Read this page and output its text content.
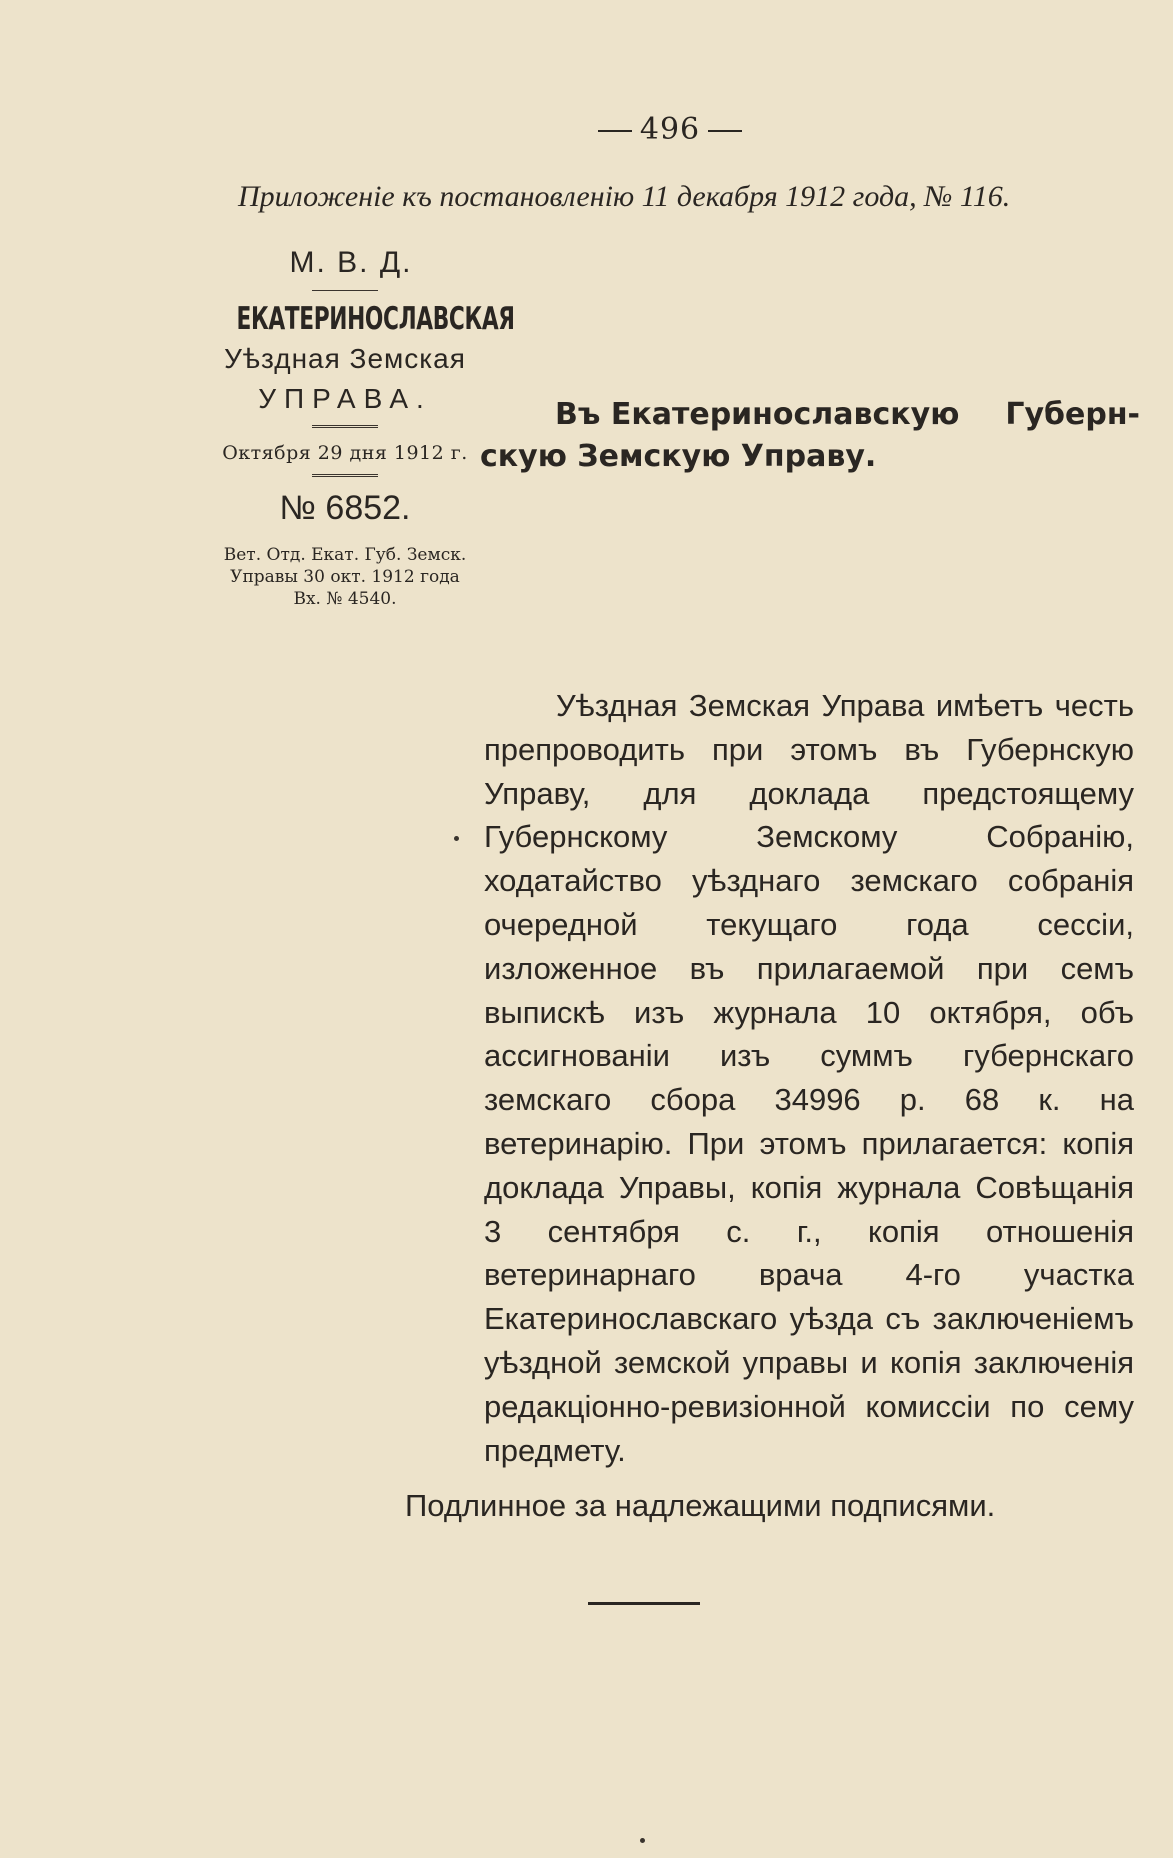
496
Приложеніе къ постановленію 11 декабря 1912 года, № 116.
М. В. Д.
ЕКАТЕРИНОСЛАВСКАЯ
Уѣздная Земская
УПРАВА.
Октября 29 дня 1912 г.
№ 6852.
Вет. Отд. Екат. Губ. Земск.
Управы 30 окт. 1912 года
Вх. № 4540.
Въ Екатеринославскую Губерн-
скую Земскую Управу.
Уѣздная Земская Управа имѣетъ честь препроводить при этомъ въ Губернскую Управу, для доклада предстоящему Губернскому Земскому Собранію, ходатайство уѣзднаго земскаго собранія очередной текущаго года сессіи, изложенное въ прилагаемой при семъ выпискѣ изъ журнала 10 октября, объ ассигнованіи изъ суммъ губернскаго земскаго сбора 34996 р. 68 к. на ветеринарію. При этомъ прилагается: копія доклада Управы, копія журнала Совѣщанія 3 сентября с. г., копія отношенія ветеринарнаго врача 4-го участка Екатеринославскаго уѣзда съ заключеніемъ уѣздной земской управы и копія заключенія редакціонно-ревизіонной комиссіи по сему предмету.
Подлинное за надлежащими подписями.
